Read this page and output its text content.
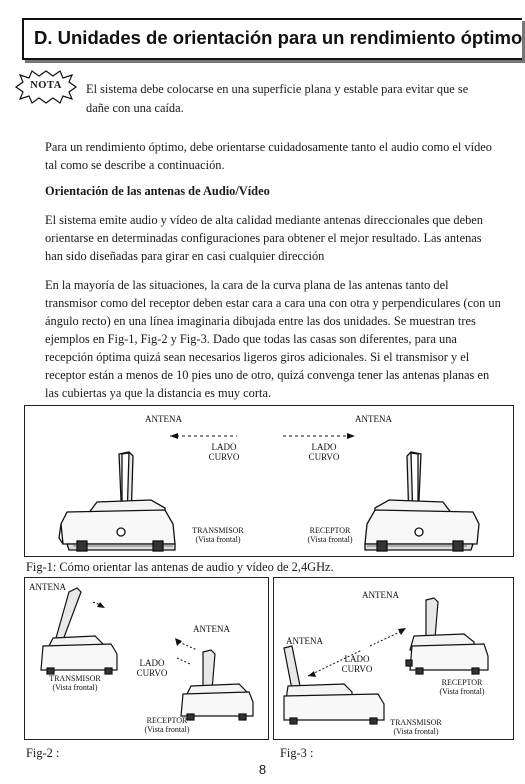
D. Unidades de orientación para un rendimiento óptimo
NOTA	El sistema debe colocarse en una superficie plana y estable para evitar que se
dañe con una caída.
Para un rendimiento óptimo, debe orientarse cuidadosamente tanto el audio como el vídeo
tal como se describe a continuación.
Orientación de las antenas de Audio/Vídeo
El sistema emite audio y vídeo de alta calidad mediante antenas direccionales que deben
orientarse en determinadas configuraciones para obtener el mejor resultado. Las antenas
han sido diseñadas para girar en casi cualquier dirección
En la mayoría de las situaciones, la cara de la curva plana de las antenas tanto del
transmisor como del receptor deben estar cara a cara una con otra y perpendiculares (con un
ángulo recto) en una línea imaginaria dibujada entre las dos unidades. Se muestran tres
ejemplos en Fig-1, Fig-2 y Fig-3. Dado que todas las casas son diferentes, para una
recepción óptima quizá sean necesarios ligeros giros adicionales. Si el transmisor y el
receptor están a menos de 10 pies uno de otro, quizá convenga tener las antenas planas en
las cubiertas ya que la distancia es muy corta.
ANTENA	ANTENA
LADO
CURVO
LADO
CURVO
TRANSMISOR
(Vista frontal)
RECEPTOR
(Vista frontal)
Fig-1: Cómo orientar las antenas de audio y vídeo de 2,4GHz.
ANTENA
ANTENA
LADO
CURVO
TRANSMISOR
(Vista frontal)
RECEPTOR
(Vista frontal)
Fig-2 :
ANTENA
ANTENA
LADO
CURVO
RECEPTOR
(Vista frontal)
TRANSMISOR
(Vista frontal)
Fig-3 :
8
